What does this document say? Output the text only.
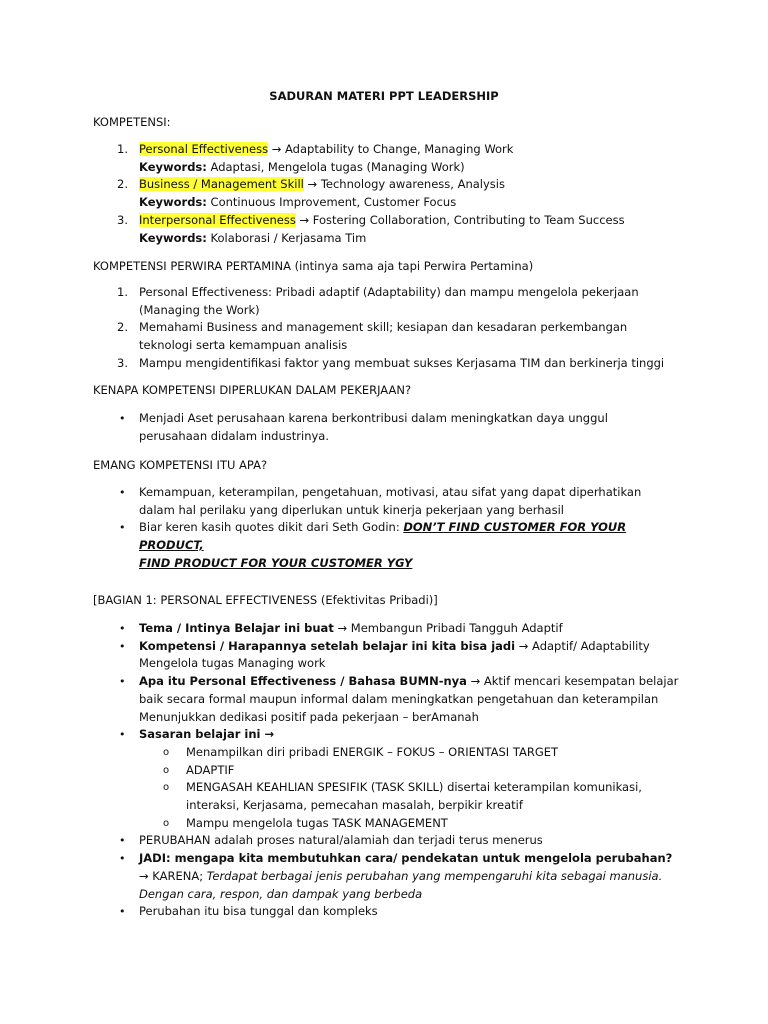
SADURAN MATERI PPT LEADERSHIP
KOMPETENSI:
1. Personal Effectiveness → Adaptability to Change, Managing Work
Keywords: Adaptasi, Mengelola tugas (Managing Work)
2. Business / Management Skill → Technology awareness, Analysis
Keywords: Continuous Improvement, Customer Focus
3. Interpersonal Effectiveness → Fostering Collaboration, Contributing to Team Success
Keywords: Kolaborasi / Kerjasama Tim
KOMPETENSI PERWIRA PERTAMINA (intinya sama aja tapi Perwira Pertamina)
1. Personal Effectiveness: Pribadi adaptif (Adaptability) dan mampu mengelola pekerjaan
(Managing the Work)
2. Memahami Business and management skill; kesiapan dan kesadaran perkembangan
teknologi serta kemampuan analisis
3. Mampu mengidentifikasi faktor yang membuat sukses Kerjasama TIM dan berkinerja tinggi
KENAPA KOMPETENSI DIPERLUKAN DALAM PEKERJAAN?
• Menjadi Aset perusahaan karena berkontribusi dalam meningkatkan daya unggul
perusahaan didalam industrinya.
EMANG KOMPETENSI ITU APA?
• Kemampuan, keterampilan, pengetahuan, motivasi, atau sifat yang dapat diperhatikan
dalam hal perilaku yang diperlukan untuk kinerja pekerjaan yang berhasil
• Biar keren kasih quotes dikit dari Seth Godin: DON’T FIND CUSTOMER FOR YOUR PRODUCT,
FIND PRODUCT FOR YOUR CUSTOMER YGY
[BAGIAN 1: PERSONAL EFFECTIVENESS (Efektivitas Pribadi)]
• Tema / Intinya Belajar ini buat → Membangun Pribadi Tangguh Adaptif
• Kompetensi / Harapannya setelah belajar ini kita bisa jadi → Adaptif/ Adaptability
Mengelola tugas Managing work
• Apa itu Personal Effectiveness / Bahasa BUMN-nya → Aktif mencari kesempatan belajar
baik secara formal maupun informal dalam meningkatkan pengetahuan dan keterampilan
Menunjukkan dedikasi positif pada pekerjaan – berAmanah
• Sasaran belajar ini →
o Menampilkan diri pribadi ENERGIK – FOKUS – ORIENTASI TARGET
o ADAPTIF
o MENGASAH KEAHLIAN SPESIFIK (TASK SKILL) disertai keterampilan komunikasi,
interaksi, Kerjasama, pemecahan masalah, berpikir kreatif
o Mampu mengelola tugas TASK MANAGEMENT
• PERUBAHAN adalah proses natural/alamiah dan terjadi terus menerus
• JADI: mengapa kita membutuhkan cara/ pendekatan untuk mengelola perubahan?
→ KARENA; Terdapat berbagai jenis perubahan yang mempengaruhi kita sebagai manusia.
Dengan cara, respon, dan dampak yang berbeda
• Perubahan itu bisa tunggal dan kompleks
